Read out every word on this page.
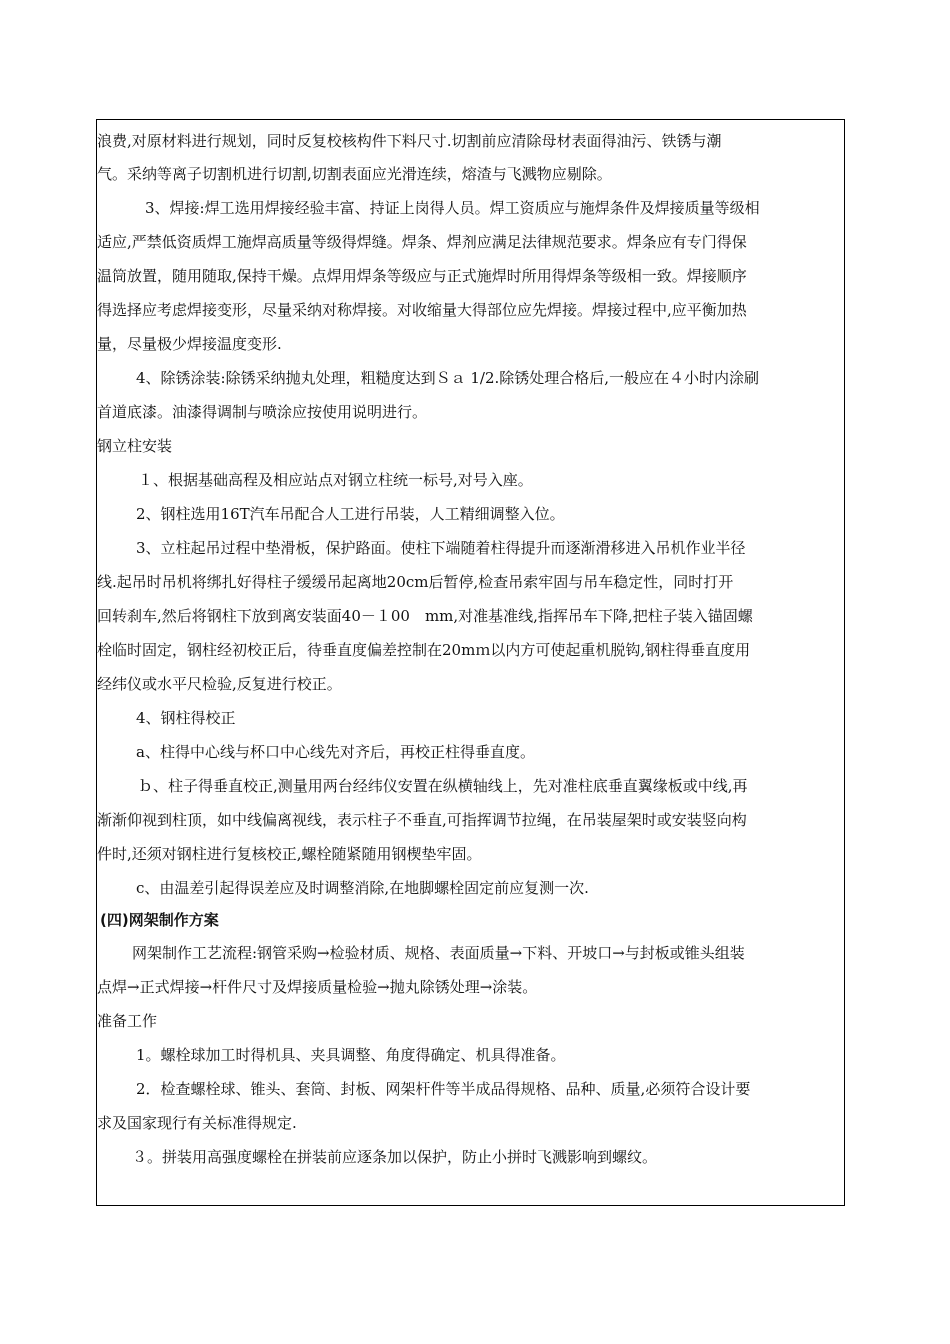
浪费,对原材料进行规划，同时反复校核构件下料尺寸.切割前应清除母材表面得油污、铁锈与潮
气。采纳等离子切割机进行切割,切割表面应光滑连续，熔渣与飞溅物应剔除。
3、焊接:焊工选用焊接经验丰富、持证上岗得人员。焊工资质应与施焊条件及焊接质量等级相
适应,严禁低资质焊工施焊高质量等级得焊缝。焊条、焊剂应满足法律规范要求。焊条应有专门得保
温筒放置，随用随取,保持干燥。点焊用焊条等级应与正式施焊时所用得焊条等级相一致。焊接顺序
得选择应考虑焊接变形，尽量采纳对称焊接。对收缩量大得部位应先焊接。焊接过程中,应平衡加热
量，尽量极少焊接温度变形.
4、除锈涂装:除锈采纳抛丸处理，粗糙度达到Ｓａ 1/2.除锈处理合格后,一般应在４小时内涂刷
首道底漆。油漆得调制与喷涂应按使用说明进行。
钢立柱安装
１、根据基础高程及相应站点对钢立柱统一标号,对号入座。
2、钢柱选用16T汽车吊配合人工进行吊装，人工精细调整入位。
3、立柱起吊过程中垫滑板，保护路面。使柱下端随着柱得提升而逐渐滑移进入吊机作业半径
线.起吊时吊机将绑扎好得柱子缓缓吊起离地20cm后暂停,检查吊索牢固与吊车稳定性，同时打开
回转刹车,然后将钢柱下放到离安装面40－１00　mm,对准基准线,指挥吊车下降,把柱子装入锚固螺
栓临时固定，钢柱经初校正后，待垂直度偏差控制在20mｍ以内方可使起重机脱钩,钢柱得垂直度用
经纬仪或水平尺检验,反复进行校正。
4、钢柱得校正
a、柱得中心线与杯口中心线先对齐后，再校正柱得垂直度。
ｂ、柱子得垂直校正,测量用两台经纬仪安置在纵横轴线上，先对准柱底垂直翼缘板或中线,再
渐渐仰视到柱顶，如中线偏离视线，表示柱子不垂直,可指挥调节拉绳，在吊装屋架时或安装竖向构
件时,还须对钢柱进行复核校正,螺栓随紧随用钢楔垫牢固。
c、由温差引起得误差应及时调整消除,在地脚螺栓固定前应复测一次.
(四)网架制作方案
网架制作工艺流程:钢管采购→检验材质、规格、表面质量→下料、开坡口→与封板或锥头组装
点焊→正式焊接→杆件尺寸及焊接质量检验→抛丸除锈处理→涂装。
准备工作
1。螺栓球加工时得机具、夹具调整、角度得确定、机具得准备。
2．检查螺栓球、锥头、套筒、封板、网架杆件等半成品得规格、品种、质量,必须符合设计要
求及国家现行有关标准得规定.
３。拼装用高强度螺栓在拼装前应逐条加以保护，防止小拼时飞溅影响到螺纹。
